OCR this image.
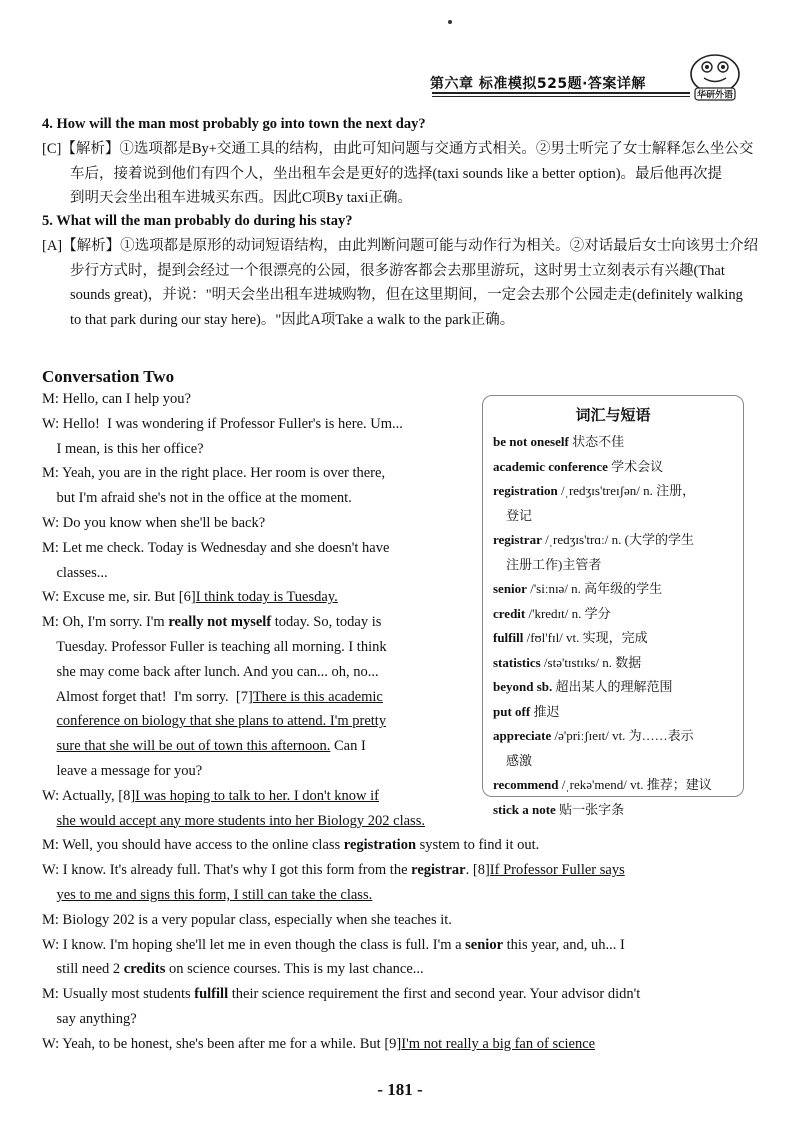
第六章 标准模拟525题·答案详解
华研外语
4. How will the man most probably go into town the next day?

[C]【解析】①选项都是By+交通工具的结构，由此可知问题与交通方式相关。②男士听完了女士解释怎么坐公交

车后，接着说到他们有四个人，坐出租车会是更好的选择(taxi sounds like a better option)。最后他再次提

到明天会坐出租车进城买东西。因此C项By taxi正确。

5. What will the man probably do during his stay?

[A]【解析】①选项都是原形的动词短语结构，由此判断问题可能与动作行为相关。②对话最后女士向该男士介绍

步行方式时，提到会经过一个很漂亮的公园，很多游客都会去那里游玩，这时男士立刻表示有兴趣(That

sounds great)，并说："明天会坐出租车进城购物，但在这里期间，一定会去那个公园走走(definitely walking

to that park during our stay here)。"因此A项Take a walk to the park正确。

Conversation Two
词汇与短语
be not oneself 状态不佳
academic conference 学术会议
registration /ˌredʒɪs'treɪʃən/ n. 注册，
登记
registrar /ˌredʒɪs'trɑː/ n. (大学的学生
注册工作)主管者
senior /'siːnɪə/ n. 高年级的学生
credit /'kredɪt/ n. 学分
fulfill /fʊl'fɪl/ vt. 实现，完成
statistics /stə'tɪstɪks/ n. 数据
beyond sb. 超出某人的理解范围
put off 推迟
appreciate /ə'priːʃɪeɪt/ vt. 为……表示
感激
recommend /ˌrekə'mend/ vt. 推荐；建议
stick a note 贴一张字条
M: Hello, can I help you?
W: Hello!  I was wondering if Professor Fuller's is here. Um...
I mean, is this her office?
M: Yeah, you are in the right place. Her room is over there,
but I'm afraid she's not in the office at the moment.
W: Do you know when she'll be back?
M: Let me check. Today is Wednesday and she doesn't have
classes...
W: Excuse me, sir. But [6]I think today is Tuesday.
M: Oh, I'm sorry. I'm really not myself today. So, today is
Tuesday. Professor Fuller is teaching all morning. I think
she may come back after lunch. And you can... oh, no...
Almost forget that!  I'm sorry.  [7]There is this academic
conference on biology that she plans to attend. I'm pretty
sure that she will be out of town this afternoon. Can I
leave a message for you?
W: Actually, [8]I was hoping to talk to her. I don't know if
she would accept any more students into her Biology 202 class.
M: Well, you should have access to the online class registration system to find it out.
W: I know. It's already full. That's why I got this form from the registrar. [8]If Professor Fuller says
yes to me and signs this form, I still can take the class.
M: Biology 202 is a very popular class, especially when she teaches it.
W: I know. I'm hoping she'll let me in even though the class is full. I'm a senior this year, and, uh... I
still need 2 credits on science courses. This is my last chance...
M: Usually most students fulfill their science requirement the first and second year. Your advisor didn't
say anything?
W: Yeah, to be honest, she's been after me for a while. But [9]I'm not really a big fan of science
- 181 -
